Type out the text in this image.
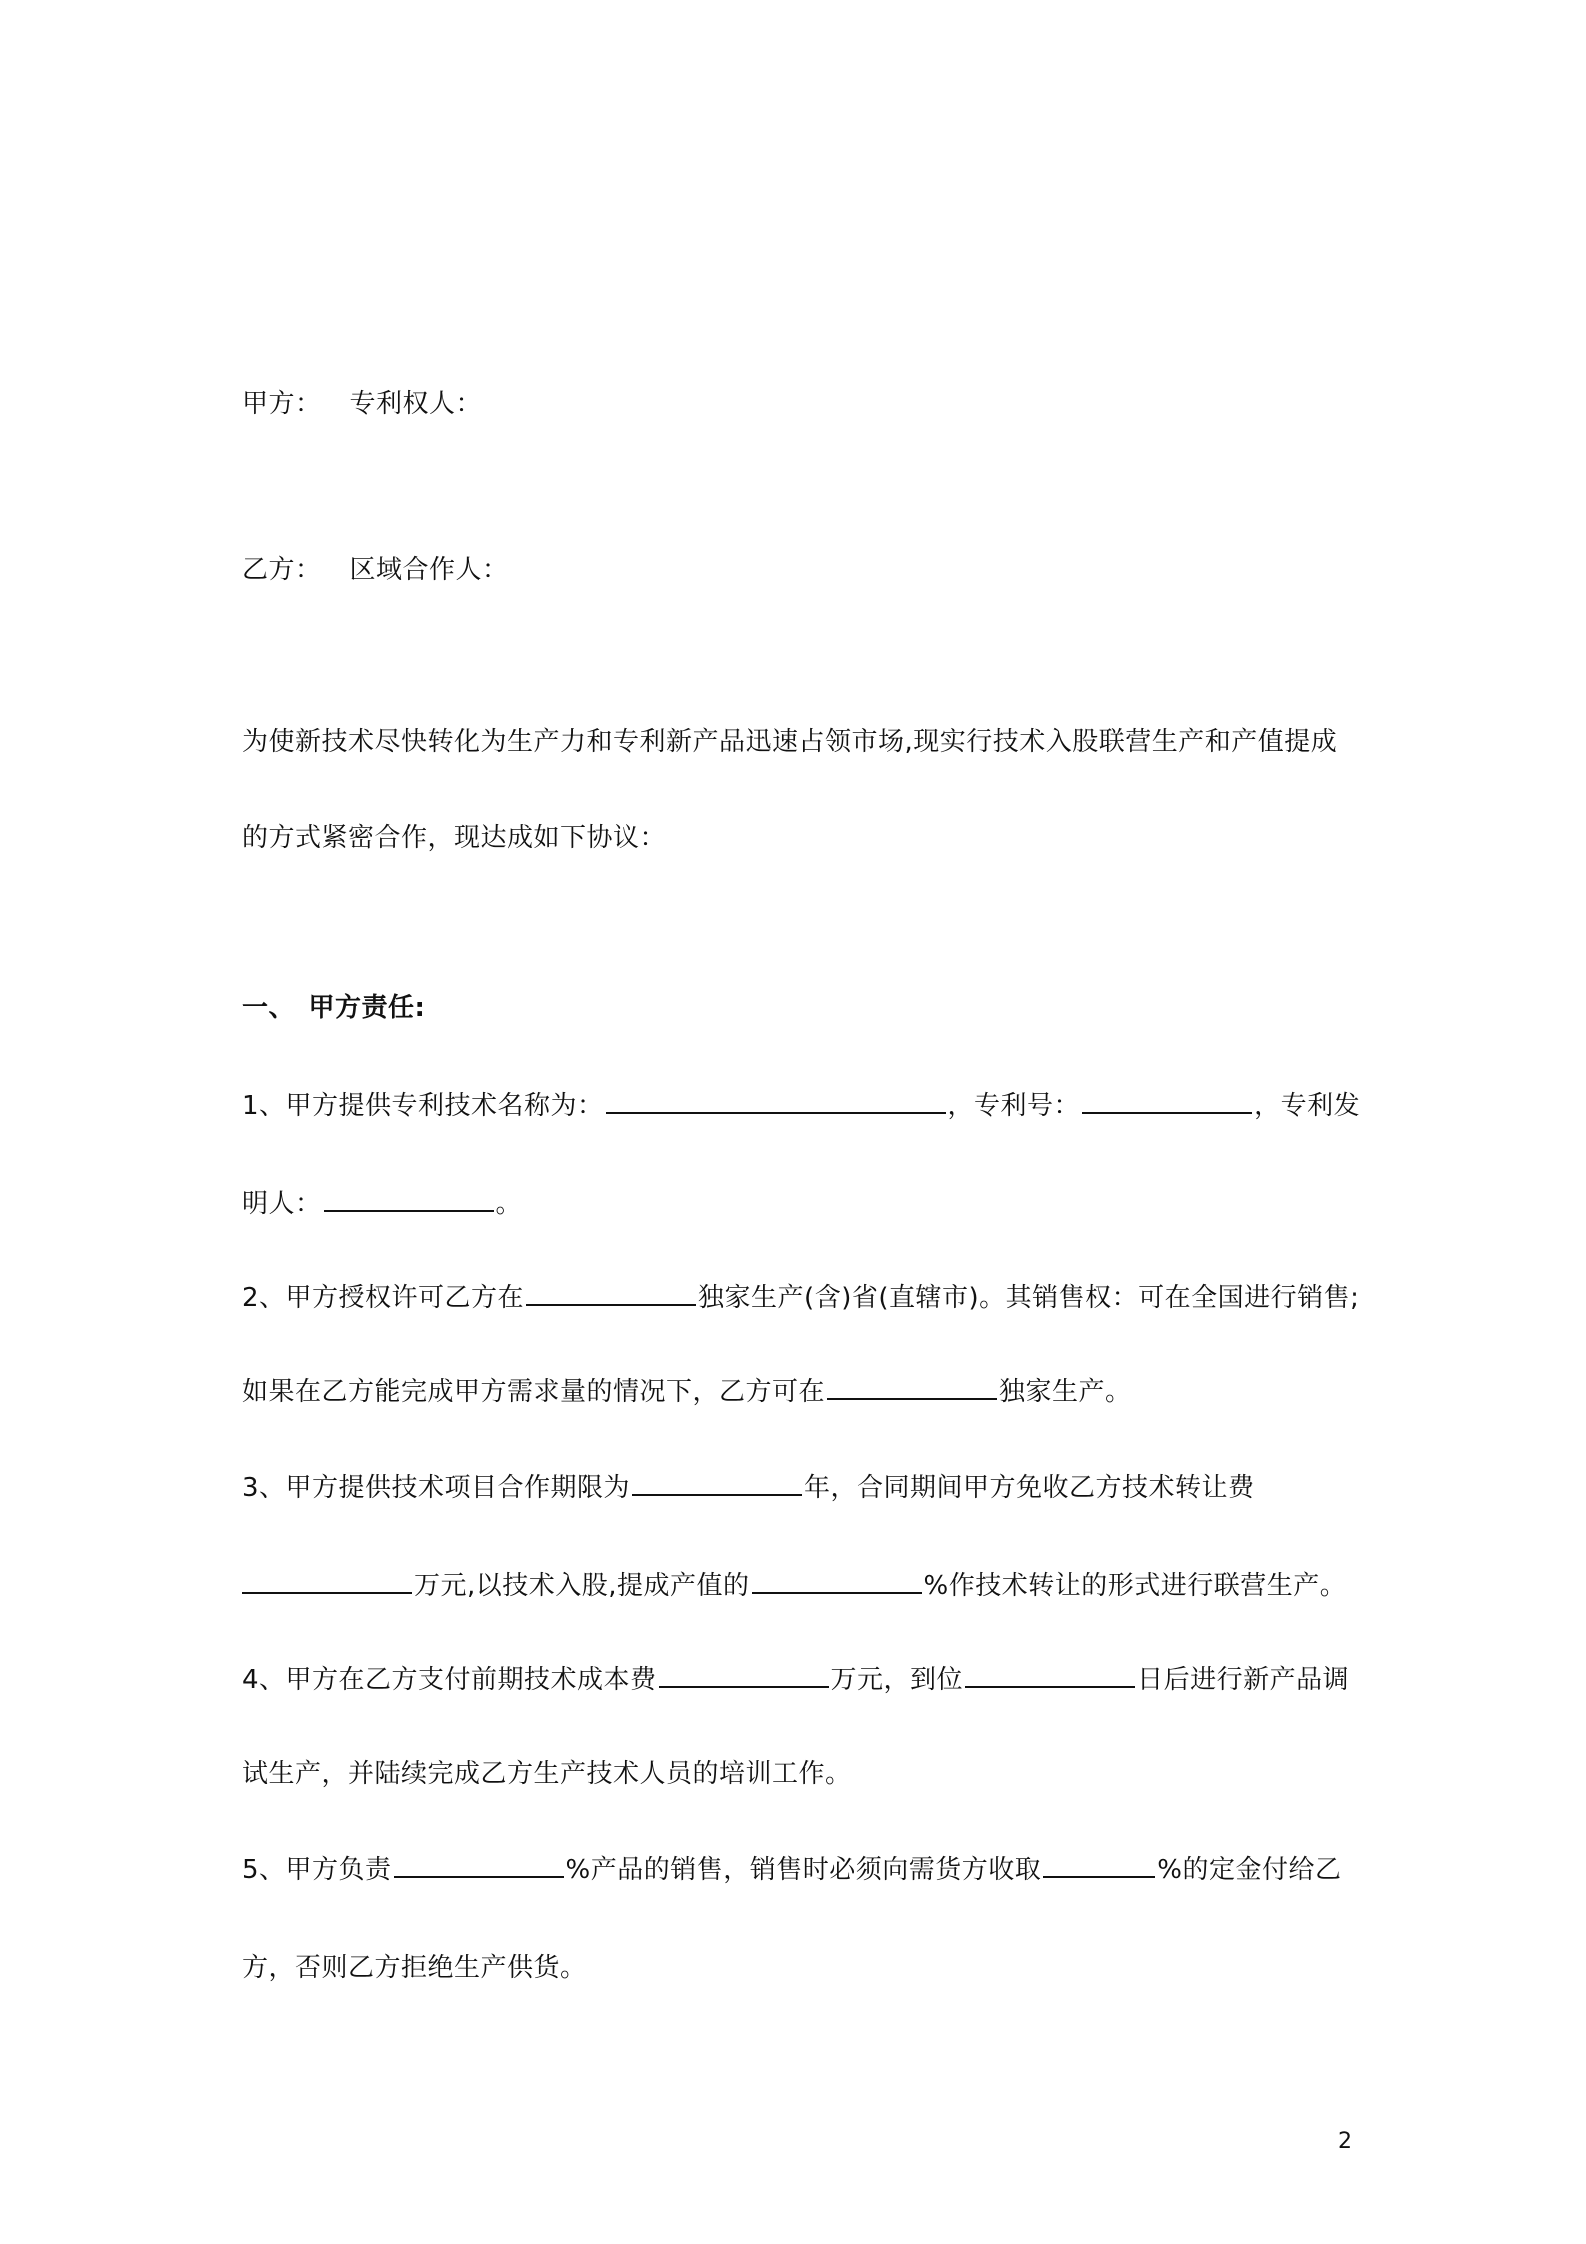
甲方： 专利权人：
乙方： 区域合作人：
为使新技术尽快转化为生产力和专利新产品迅速占领市场,现实行技术入股联营生产和产值提成
的方式紧密合作，现达成如下协议：
一、　甲方责任:
1、甲方提供专利技术名称为：	，专利号：	，专利发
明人：	。
2、甲方授权许可乙方在	独家生产(含)省(直辖市)。其销售权：可在全国进行销售;
如果在乙方能完成甲方需求量的情况下，乙方可在	独家生产。
3、甲方提供技术项目合作期限为	年，合同期间甲方免收乙方技术转让费
万元,以技术入股,提成产值的	%作技术转让的形式进行联营生产。
4、甲方在乙方支付前期技术成本费	万元，到位	日后进行新产品调
试生产，并陆续完成乙方生产技术人员的培训工作。
5、甲方负责	%产品的销售，销售时必须向需货方收取	%的定金付给乙
方，否则乙方拒绝生产供货。
2
